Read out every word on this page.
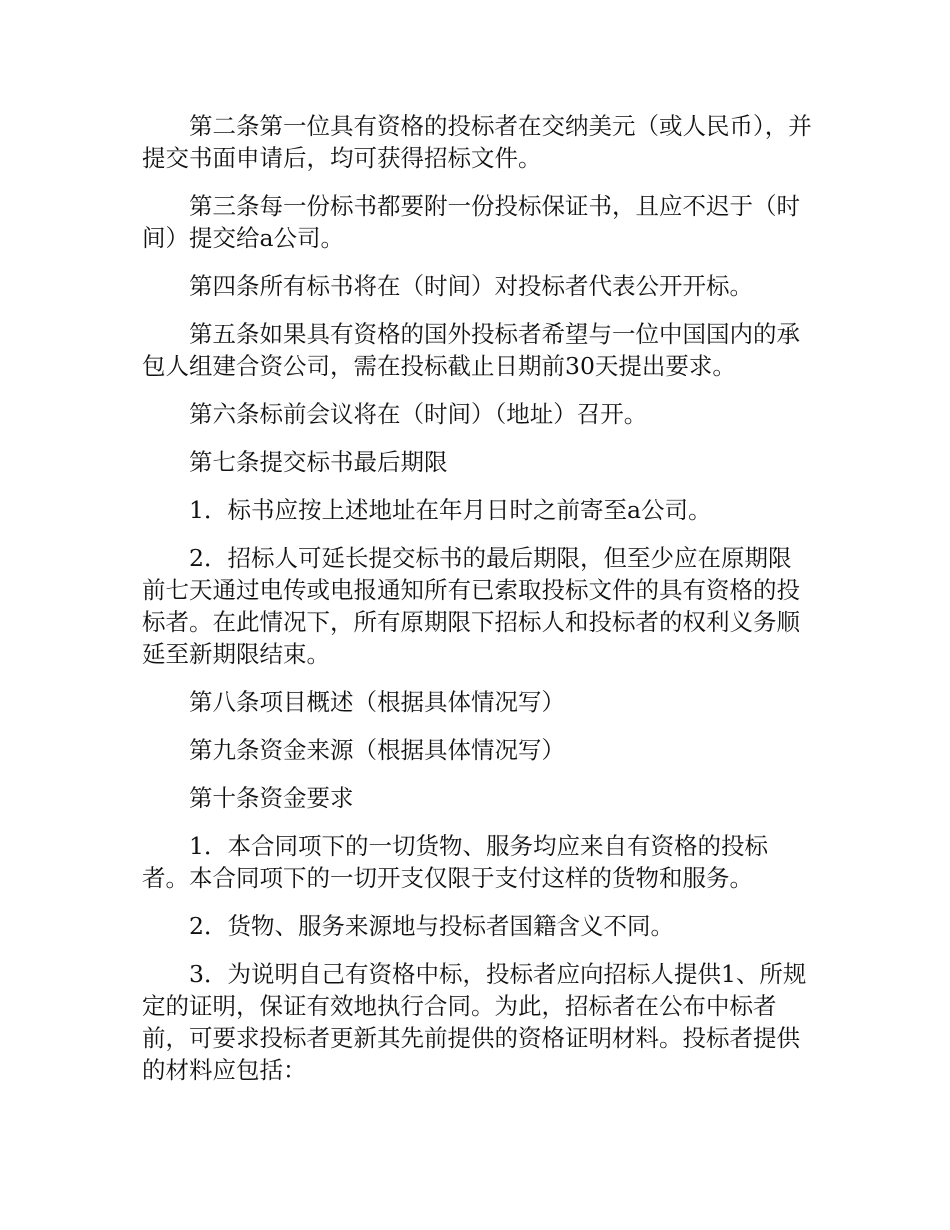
第二条第一位具有资格的投标者在交纳美元（或人民币），并提交书面申请后，均可获得招标文件。

第三条每一份标书都要附一份投标保证书，且应不迟于（时间）提交给a公司。

第四条所有标书将在（时间）对投标者代表公开开标。

第五条如果具有资格的国外投标者希望与一位中国国内的承包人组建合资公司，需在投标截止日期前30天提出要求。

第六条标前会议将在（时间）（地址）召开。

第七条提交标书最后期限

1．标书应按上述地址在年月日时之前寄至a公司。

2．招标人可延长提交标书的最后期限，但至少应在原期限前七天通过电传或电报通知所有已索取投标文件的具有资格的投标者。在此情况下，所有原期限下招标人和投标者的权利义务顺延至新期限结束。

第八条项目概述（根据具体情况写）

第九条资金来源（根据具体情况写）

第十条资金要求

1．本合同项下的一切货物、服务均应来自有资格的投标者。本合同项下的一切开支仅限于支付这样的货物和服务。

2．货物、服务来源地与投标者国籍含义不同。

3．为说明自己有资格中标，投标者应向招标人提供1、所规定的证明，保证有效地执行合同。为此，招标者在公布中标者前，可要求投标者更新其先前提供的资格证明材料。投标者提供的材料应包括：
